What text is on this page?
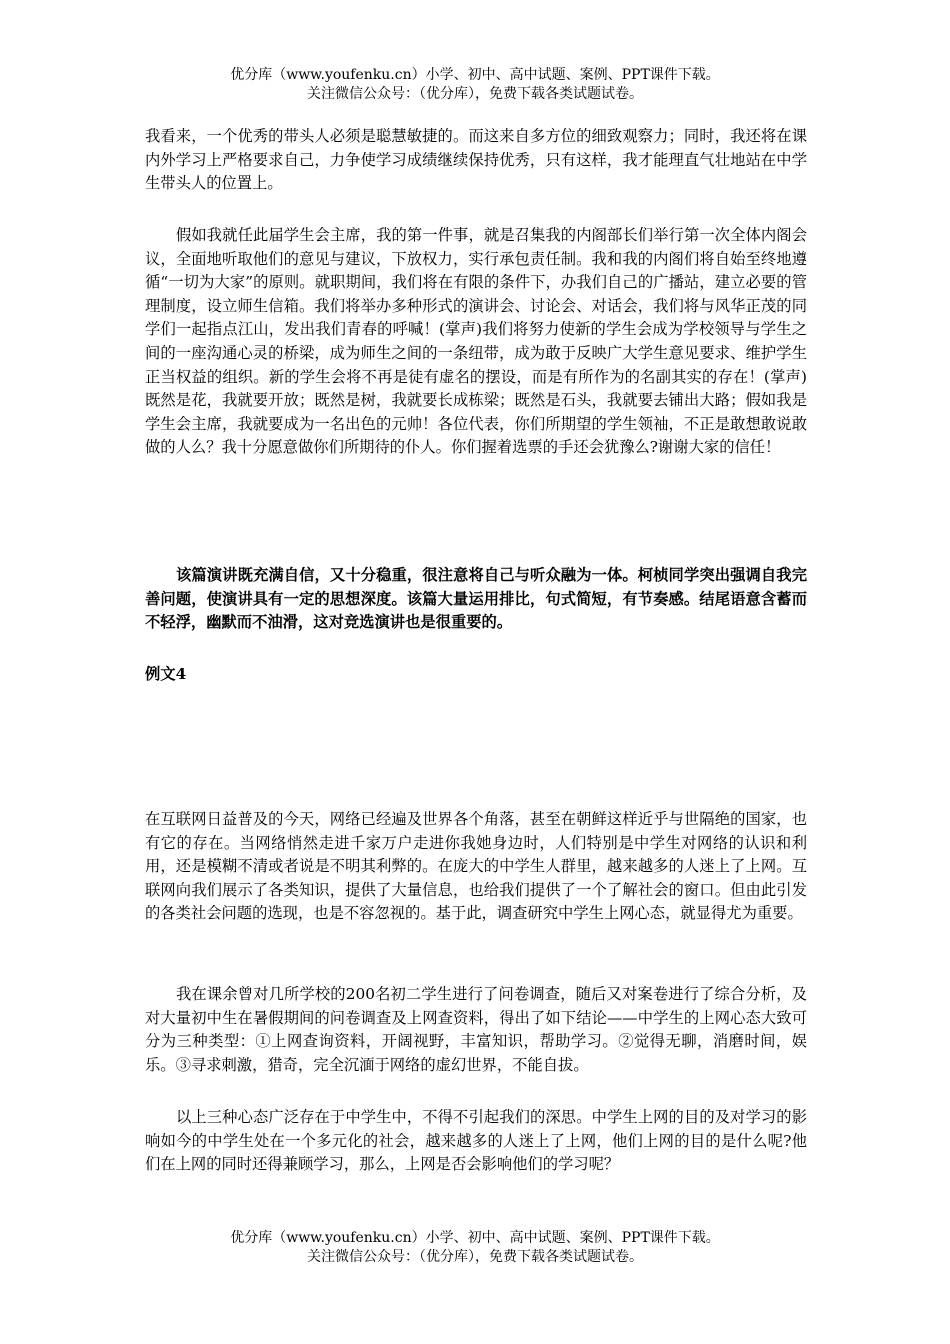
优分库（www.youfenku.cn）小学、初中、高中试题、案例、PPT课件下载。
关注微信公众号：（优分库），免费下载各类试题试卷。
我看来，一个优秀的带头人必须是聪慧敏捷的。而这来自多方位的细致观察力；同时，我还将在课内外学习上严格要求自己，力争使学习成绩继续保持优秀，只有这样，我才能理直气壮地站在中学生带头人的位置上。
假如我就任此届学生会主席，我的第一件事，就是召集我的内阁部长们举行第一次全体内阁会议，全面地听取他们的意见与建议，下放权力，实行承包责任制。我和我的内阁们将自始至终地遵循“一切为大家”的原则。就职期间，我们将在有限的条件下，办我们自己的广播站，建立必要的管理制度，设立师生信箱。我们将举办多种形式的演讲会、讨论会、对话会，我们将与风华正茂的同学们一起指点江山，发出我们青春的呼喊！(掌声)我们将努力使新的学生会成为学校领导与学生之间的一座沟通心灵的桥梁，成为师生之间的一条纽带，成为敢于反映广大学生意见要求、维护学生正当权益的组织。新的学生会将不再是徒有虚名的摆设，而是有所作为的名副其实的存在！(掌声)既然是花，我就要开放；既然是树，我就要长成栋梁；既然是石头，我就要去铺出大路；假如我是学生会主席，我就要成为一名出色的元帅！各位代表，你们所期望的学生领袖，不正是敢想敢说敢做的人么？我十分愿意做你们所期待的仆人。你们握着选票的手还会犹豫么?谢谢大家的信任！
该篇演讲既充满自信，又十分稳重，很注意将自己与听众融为一体。柯桢同学突出强调自我完善问题，使演讲具有一定的思想深度。该篇大量运用排比，句式简短，有节奏感。结尾语意含蓄而不轻浮，幽默而不油滑，这对竞选演讲也是很重要的。
例文4
在互联网日益普及的今天，网络已经遍及世界各个角落，甚至在朝鲜这样近乎与世隔绝的国家，也有它的存在。当网络悄然走进千家万户走进你我她身边时，人们特别是中学生对网络的认识和利用，还是模糊不清或者说是不明其利弊的。在庞大的中学生人群里，越来越多的人迷上了上网。互联网向我们展示了各类知识，提供了大量信息，也给我们提供了一个了解社会的窗口。但由此引发的各类社会问题的选现，也是不容忽视的。基于此，调查研究中学生上网心态，就显得尤为重要。
我在课余曾对几所学校的200名初二学生进行了问卷调查，随后又对案卷进行了综合分析，及对大量初中生在暑假期间的问卷调查及上网查资料，得出了如下结论——中学生的上网心态大致可分为三种类型：①上网查询资料，开阔视野，丰富知识，帮助学习。②觉得无聊，消磨时间，娱乐。③寻求刺激，猎奇，完全沉湎于网络的虚幻世界，不能自拔。
以上三种心态广泛存在于中学生中，不得不引起我们的深思。中学生上网的目的及对学习的影响如今的中学生处在一个多元化的社会，越来越多的人迷上了上网，他们上网的目的是什么呢?他们在上网的同时还得兼顾学习，那么，上网是否会影响他们的学习呢？
优分库（www.youfenku.cn）小学、初中、高中试题、案例、PPT课件下载。
关注微信公众号：（优分库），免费下载各类试题试卷。
